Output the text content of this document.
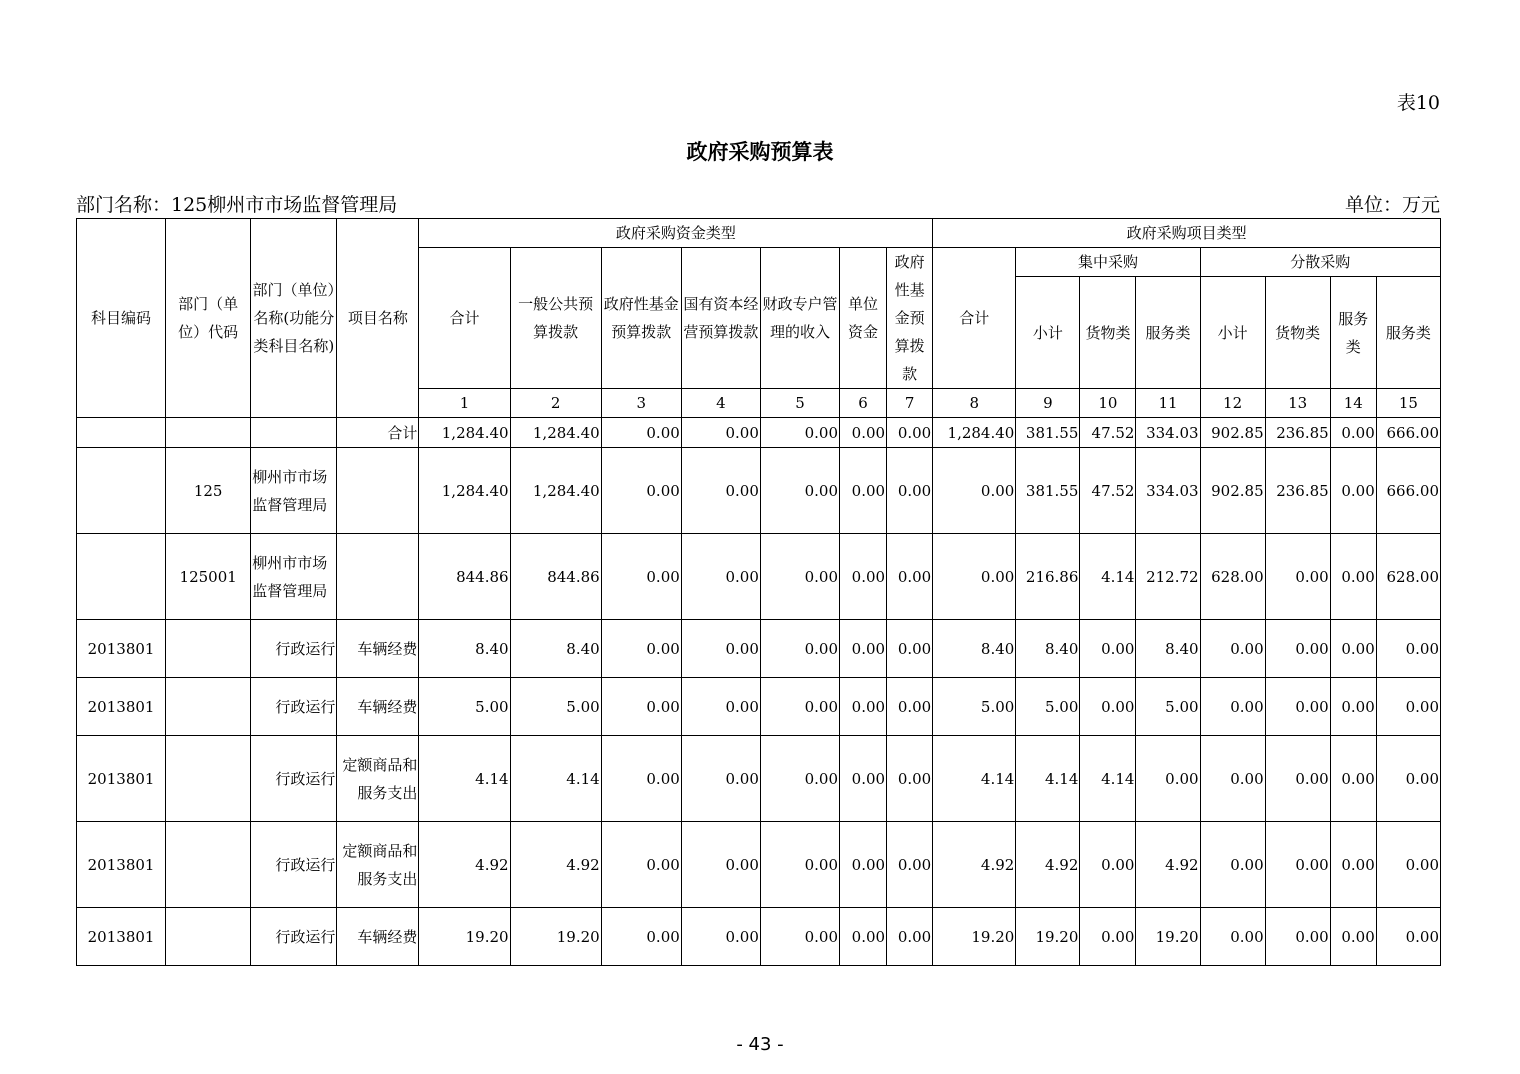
表10
政府采购预算表
部门名称：125柳州市市场监督管理局	单位：万元
科目编码	部门（单位）代码	部门（单位）名称(功能分类科目名称)	项目名称	政府采购资金类型							政府采购项目类型							
				合计	一般公共预算拨款	政府性基金预算拨款	国有资本经营预算拨款	财政专户管理的收入	单位资金	政府性基金预算拨款	合计	集中采购			分散采购			
												小计	货物类	服务类	小计	货物类	服务类	服务类

				1	2	3	4	5	6	7	8	9	10	11	12	13	14	15
			合计	1,284.40	1,284.40	0.00	0.00	0.00	0.00	0.00	1,284.40	381.55	47.52	334.03	902.85	236.85	0.00	666.00
	125	柳州市市场监督管理局		1,284.40	1,284.40	0.00	0.00	0.00	0.00	0.00	0.00	381.55	47.52	334.03	902.85	236.85	0.00	666.00
	125001	柳州市市场监督管理局		844.86	844.86	0.00	0.00	0.00	0.00	0.00	0.00	216.86	4.14	212.72	628.00	0.00	0.00	628.00
2013801		行政运行	车辆经费	8.40	8.40	0.00	0.00	0.00	0.00	0.00	8.40	8.40	0.00	8.40	0.00	0.00	0.00	0.00
2013801		行政运行	车辆经费	5.00	5.00	0.00	0.00	0.00	0.00	0.00	5.00	5.00	0.00	5.00	0.00	0.00	0.00	0.00
2013801		行政运行	定额商品和服务支出	4.14	4.14	0.00	0.00	0.00	0.00	0.00	4.14	4.14	4.14	0.00	0.00	0.00	0.00	0.00
2013801		行政运行	定额商品和服务支出	4.92	4.92	0.00	0.00	0.00	0.00	0.00	4.92	4.92	0.00	4.92	0.00	0.00	0.00	0.00
2013801		行政运行	车辆经费	19.20	19.20	0.00	0.00	0.00	0.00	0.00	19.20	19.20	0.00	19.20	0.00	0.00	0.00	0.00
- 43 -
